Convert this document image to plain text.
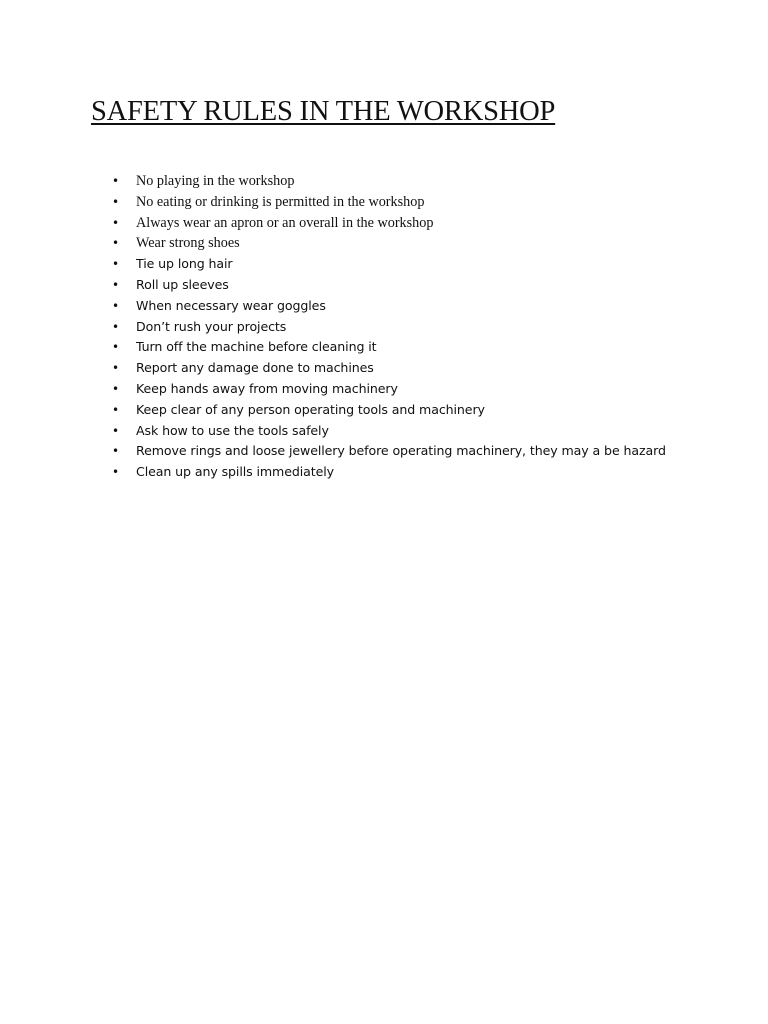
SAFETY RULES IN THE WORKSHOP
• No playing in the workshop
• No eating or drinking is permitted in the workshop
• Always wear an apron or an overall in the workshop
• Wear strong shoes
• Tie up long hair
• Roll up sleeves
• When necessary wear goggles
• Don’t rush your projects
• Turn off the machine before cleaning it
• Report any damage done to machines
• Keep hands away from moving machinery
• Keep clear of any person operating tools and machinery
• Ask how to use the tools safely
• Remove rings and loose jewellery before operating machinery, they may a be hazard
• Clean up any spills immediately
